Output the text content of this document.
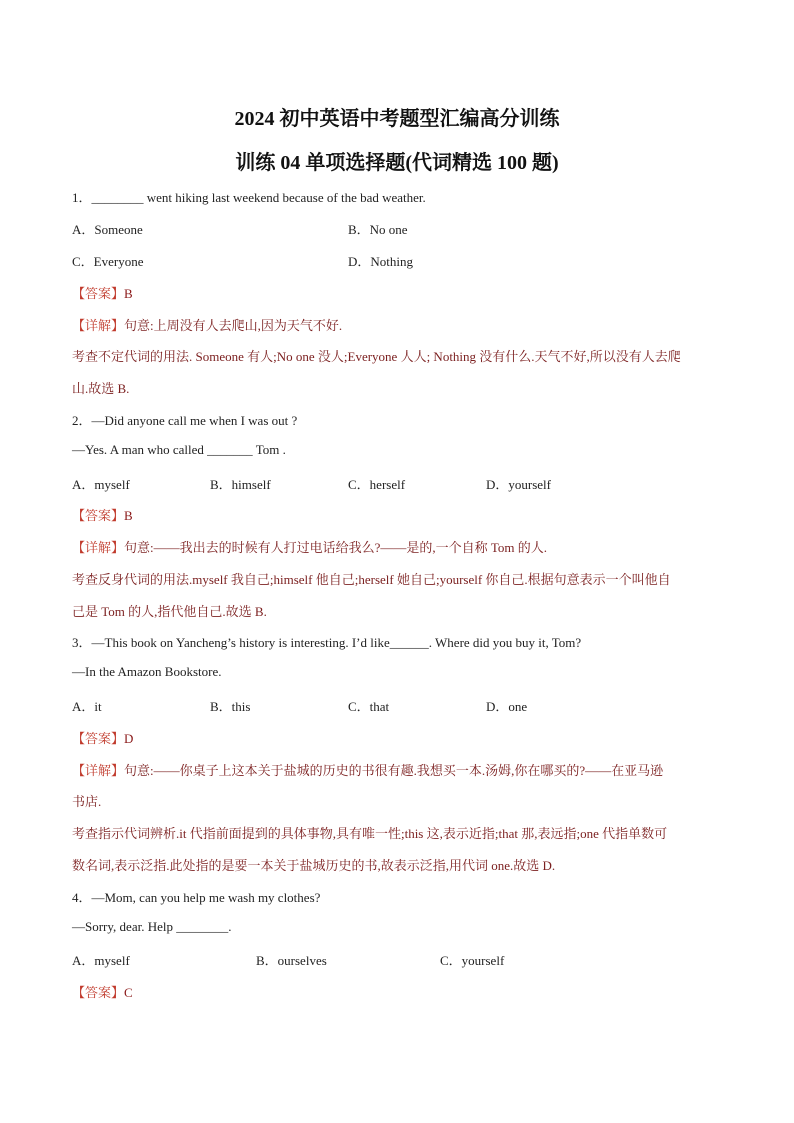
2024 初中英语中考题型汇编高分训练
训练 04 单项选择题(代词精选 100 题)
1．________ went hiking last weekend because of the bad weather.
A．Someone	B．No one
C．Everyone	D．Nothing
【答案】B
【详解】句意:上周没有人去爬山,因为天气不好.
考查不定代词的用法. Someone 有人;No one 没人;Everyone 人人; Nothing 没有什么.天气不好,所以没有人去爬
山.故选 B.
2．—Did anyone call me when I was out ?
—Yes. A man who called _______ Tom .
A．myself	B．himself	C．herself	D．yourself
【答案】B
【详解】句意:——我出去的时候有人打过电话给我么?——是的,一个自称 Tom 的人.
考查反身代词的用法.myself 我自己;himself 他自己;herself 她自己;yourself 你自己.根据句意表示一个叫他自
己是 Tom 的人,指代他自己.故选 B.
3．—This book on Yancheng’s history is interesting. I’d like______. Where did you buy it, Tom?
—In the Amazon Bookstore.
A．it	B．this	C．that	D．one
【答案】D
【详解】句意:——你桌子上这本关于盐城的历史的书很有趣.我想买一本.汤姆,你在哪买的?——在亚马逊
书店.
考查指示代词辨析.it 代指前面提到的具体事物,具有唯一性;this 这,表示近指;that 那,表远指;one 代指单数可
数名词,表示泛指.此处指的是要一本关于盐城历史的书,故表示泛指,用代词 one.故选 D.
4．—Mom, can you help me wash my clothes?
—Sorry, dear. Help ________.
A．myself	B．ourselves	C．yourself
【答案】C
